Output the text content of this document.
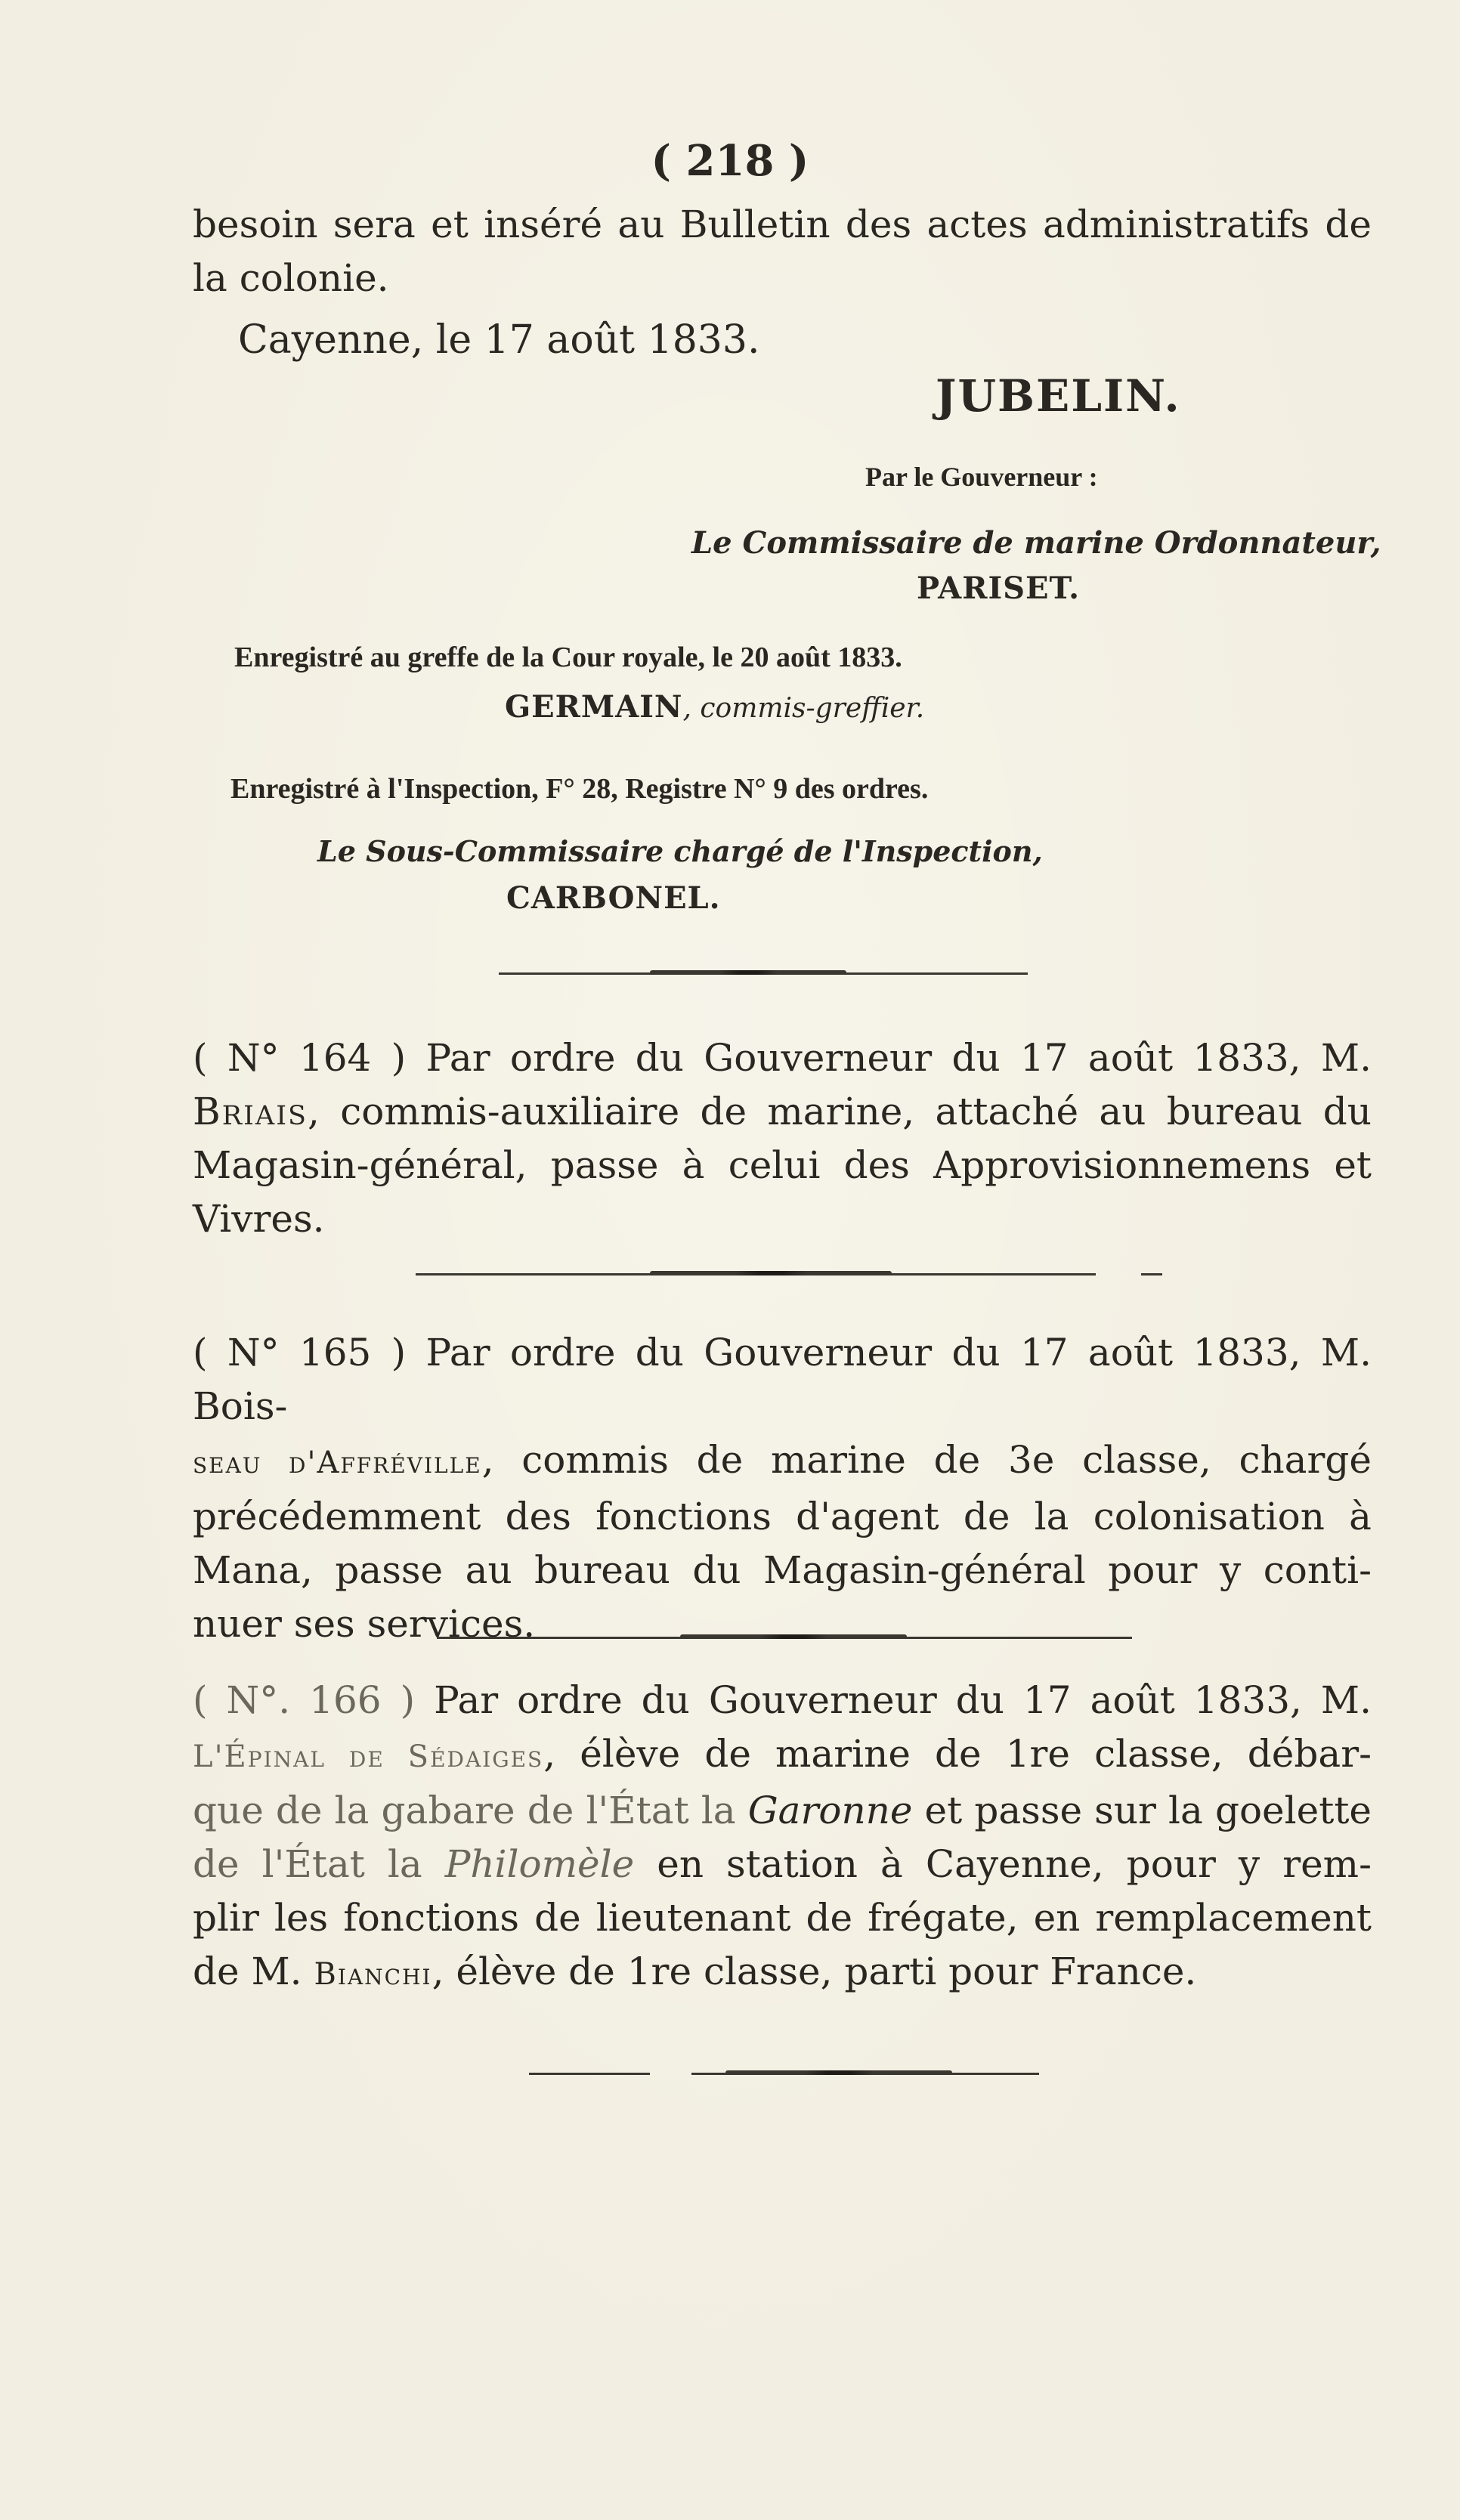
( 218 )
besoin sera et inséré au Bulletin des actes administratifs de
la colonie.
Cayenne, le 17 août 1833.
JUBELIN.
Par le Gouverneur :
Le Commissaire de marine Ordonnateur,
PARISET.
Enregistré au greffe de la Cour royale, le 20 août 1833.
GERMAIN, commis-greffier.
Enregistré à l'Inspection, F° 28, Registre N° 9 des ordres.
Le Sous-Commissaire chargé de l'Inspection,
CARBONEL.
( N° 164 ) Par ordre du Gouverneur du 17 août 1833, M.
Briais, commis-auxiliaire de marine, attaché au bureau du
Magasin-général, passe à celui des Approvisionnemens et
Vivres.
( N° 165 ) Par ordre du Gouverneur du 17 août 1833, M. Bois-
seau d'Affréville, commis de marine de 3e classe, chargé
précédemment des fonctions d'agent de la colonisation à
Mana, passe au bureau du Magasin-général pour y conti-
nuer ses services.
( N°. 166 ) Par ordre du Gouverneur du 17 août 1833, M.
L'Épinal de Sédaiges, élève de marine de 1re classe, débar-
que de la gabare de l'État la Garonne et passe sur la goelette
de l'État la Philomèle en station à Cayenne, pour y rem-
plir les fonctions de lieutenant de frégate, en remplacement
de M. Bianchi, élève de 1re classe, parti pour France.
